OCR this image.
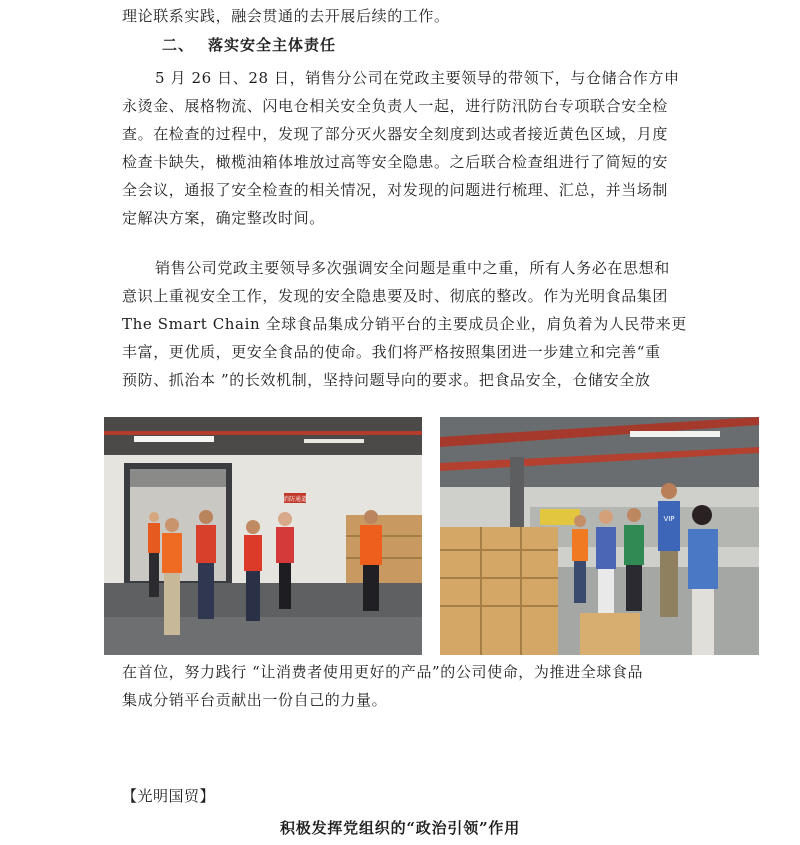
理论联系实践，融会贯通的去开展后续的工作。

二、 落实安全主体责任

5 月 26 日、28 日，销售分公司在党政主要领导的带领下，与仓储合作方申
永烫金、展格物流、闪电仓相关安全负责人一起，进行防汛防台专项联合安全检
查。在检查的过程中，发现了部分灭火器安全刻度到达或者接近黄色区域，月度
检查卡缺失，橄榄油箱体堆放过高等安全隐患。之后联合检查组进行了简短的安
全会议，通报了安全检查的相关情况，对发现的问题进行梳理、汇总，并当场制
定解决方案，确定整改时间。

销售公司党政主要领导多次强调安全问题是重中之重，所有人务必在思想和
意识上重视安全工作，发现的安全隐患要及时、彻底的整改。作为光明食品集团
The Smart Chain 全球食品集成分销平台的主要成员企业，肩负着为人民带来更
丰富，更优质，更安全食品的使命。我们将严格按照集团进一步建立和完善“重
预防、抓治本 ”的长效机制，坚持问题导向的要求。把食品安全，仓储安全放

消防通道
VIP

在首位，努力践行 “让消费者使用更好的产品”的公司使命，为推进全球食品
集成分销平台贡献出一份自己的力量。

【光明国贸】
积极发挥党组织的“政治引领”作用
